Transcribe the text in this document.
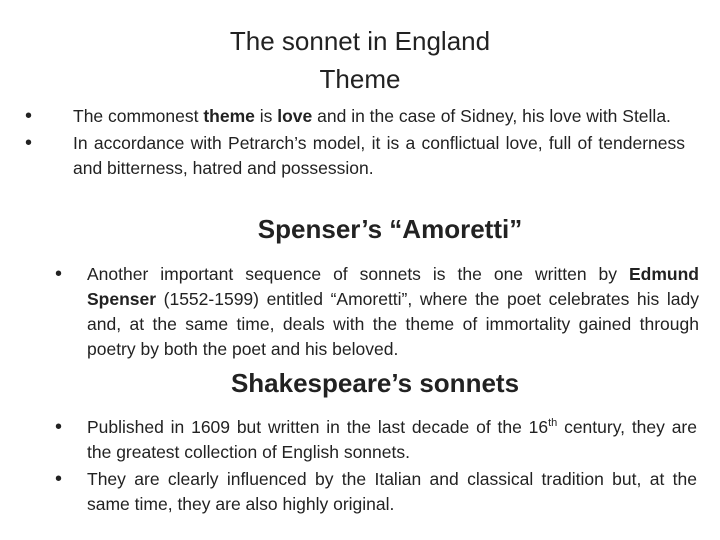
The sonnet in England
Theme
• The commonest theme is love and in the case of Sidney, his love with Stella.
• In accordance with Petrarch’s model, it is a conflictual love, full of tenderness and bitterness, hatred and possession.
Spenser’s “Amoretti”
• Another important sequence of sonnets is the one written by Edmund Spenser (1552-1599) entitled “Amoretti”, where the poet celebrates his lady and, at the same time, deals with the theme of immortality gained through poetry by both the poet and his beloved.
Shakespeare’s sonnets
• Published in 1609 but written in the last decade of the 16th century, they are the greatest collection of English sonnets.
• They are clearly influenced by the Italian and classical tradition but, at the same time, they are also highly original.
